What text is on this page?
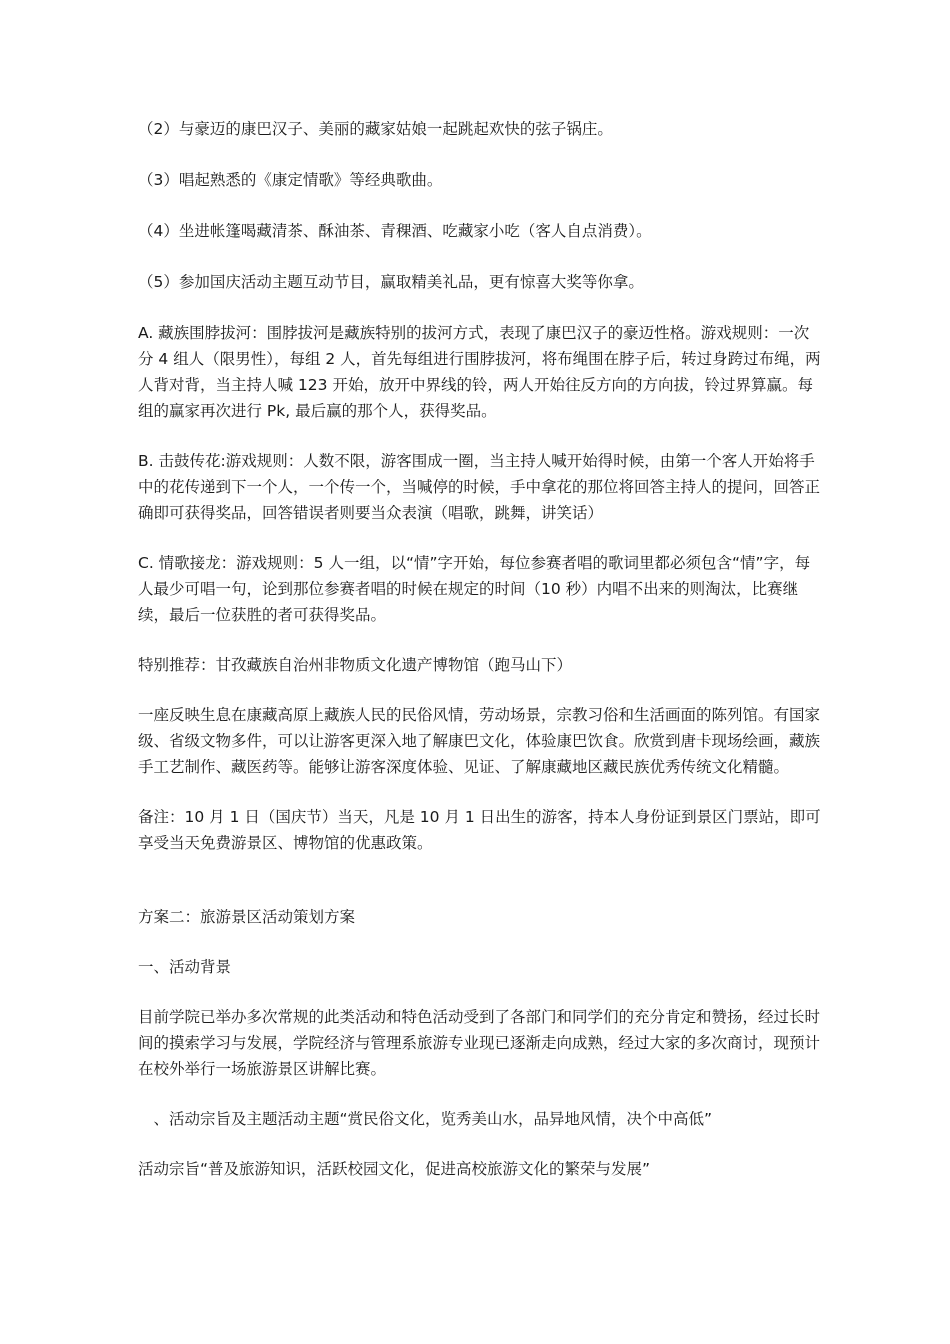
（2）与豪迈的康巴汉子、美丽的藏家姑娘一起跳起欢快的弦子锅庄。

（3）唱起熟悉的《康定情歌》等经典歌曲。

（4）坐进帐篷喝藏清茶、酥油茶、青稞酒、吃藏家小吃（客人自点消费）。

（5）参加国庆活动主题互动节目，赢取精美礼品，更有惊喜大奖等你拿。

A. 藏族围脖拔河：围脖拔河是藏族特别的拔河方式，表现了康巴汉子的豪迈性格。游戏规则：一次分 4 组人（限男性），每组 2 人，首先每组进行围脖拔河，将布绳围在脖子后，转过身跨过布绳，两人背对背，当主持人喊 123 开始，放开中界线的铃，两人开始往反方向的方向拔，铃过界算赢。每组的赢家再次进行 Pk, 最后赢的那个人，获得奖品。

B. 击鼓传花:游戏规则：人数不限，游客围成一圈，当主持人喊开始得时候，由第一个客人开始将手中的花传递到下一个人，一个传一个，当喊停的时候，手中拿花的那位将回答主持人的提问，回答正确即可获得奖品，回答错误者则要当众表演（唱歌，跳舞，讲笑话）

C. 情歌接龙：游戏规则：5 人一组，以“情”字开始，每位参赛者唱的歌词里都必须包含“情”字，每人最少可唱一句，论到那位参赛者唱的时候在规定的时间（10 秒）内唱不出来的则淘汰，比赛继续，最后一位获胜的者可获得奖品。

特别推荐：甘孜藏族自治州非物质文化遗产博物馆（跑马山下）

一座反映生息在康藏高原上藏族人民的民俗风情，劳动场景，宗教习俗和生活画面的陈列馆。有国家级、省级文物多件，可以让游客更深入地了解康巴文化，体验康巴饮食。欣赏到唐卡现场绘画，藏族手工艺制作、藏医药等。能够让游客深度体验、见证、了解康藏地区藏民族优秀传统文化精髓。

备注：10 月 1 日（国庆节）当天，凡是 10 月 1 日出生的游客，持本人身份证到景区门票站，即可享受当天免费游景区、博物馆的优惠政策。

方案二：旅游景区活动策划方案

一、活动背景

目前学院已举办多次常规的此类活动和特色活动受到了各部门和同学们的充分肯定和赞扬，经过长时间的摸索学习与发展，学院经济与管理系旅游专业现已逐渐走向成熟，经过大家的多次商讨，现预计在校外举行一场旅游景区讲解比赛。

　、活动宗旨及主题活动主题“赏民俗文化，览秀美山水，品异地风情，决个中高低”

活动宗旨“普及旅游知识，活跃校园文化，促进高校旅游文化的繁荣与发展”
